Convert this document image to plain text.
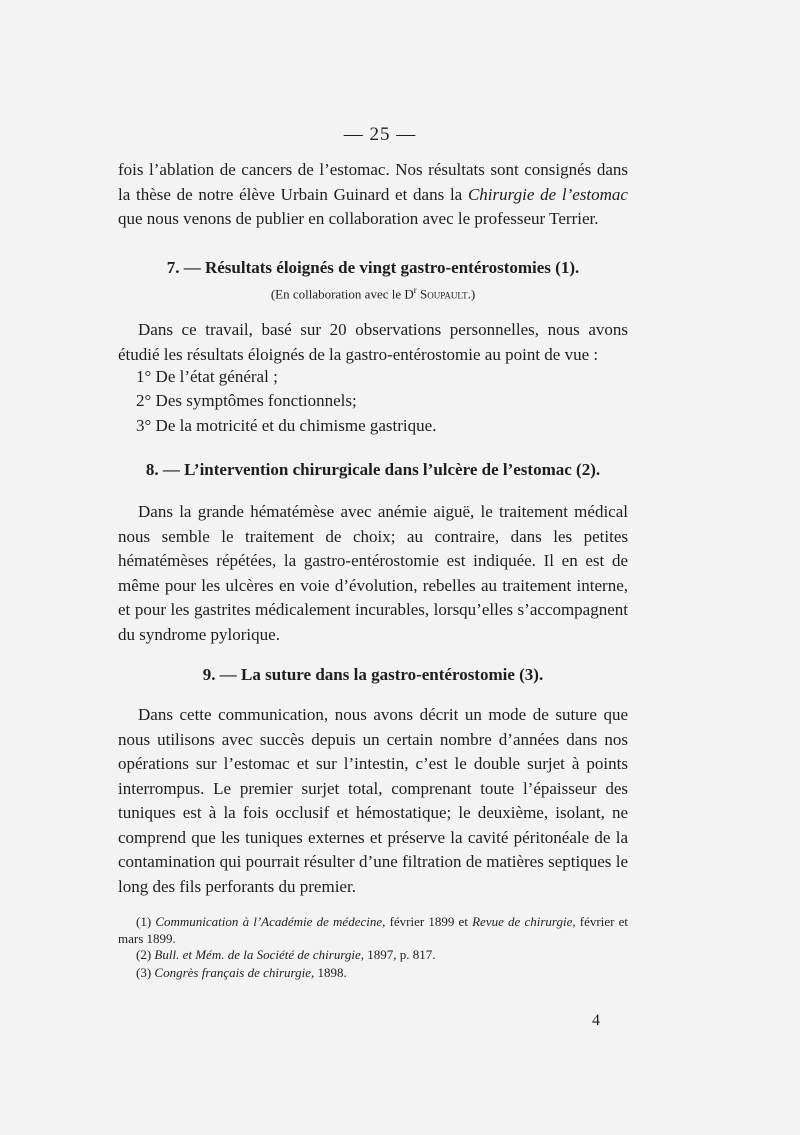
— 25 —
fois l’ablation de cancers de l’estomac. Nos résultats sont consignés dans la thèse de notre élève Urbain Guinard et dans la Chirurgie de l’estomac que nous venons de publier en collaboration avec le professeur Terrier.
7. — Résultats éloignés de vingt gastro-entérostomies (1).
(En collaboration avec le $D^r$ Soupault.)
Dans ce travail, basé sur 20 observations personnelles, nous avons étudié les résultats éloignés de la gastro-entérostomie au point de vue :
1° De l’état général ;
2° Des symptômes fonctionnels;
3° De la motricité et du chimisme gastrique.
8. — L’intervention chirurgicale dans l’ulcère de l’estomac (2).
Dans la grande hématémèse avec anémie aiguë, le traitement médical nous semble le traitement de choix; au contraire, dans les petites hématémèses répétées, la gastro-entérostomie est indiquée. Il en est de même pour les ulcères en voie d’évolution, rebelles au traitement interne, et pour les gastrites médicalement incurables, lorsqu’elles s’accompagnent du syndrome pylorique.
9. — La suture dans la gastro-entérostomie (3).
Dans cette communication, nous avons décrit un mode de suture que nous utilisons avec succès depuis un certain nombre d’années dans nos opérations sur l’estomac et sur l’intestin, c’est le double surjet à points interrompus. Le premier surjet total, comprenant toute l’épaisseur des tuniques est à la fois occlusif et hémostatique; le deuxième, isolant, ne comprend que les tuniques externes et préserve la cavité péritonéale de la contamination qui pourrait résulter d’une filtration de matières septiques le long des fils perforants du premier.
(1) Communication à l’Académie de médecine, février 1899 et Revue de chirurgie, février et mars 1899.
(2) Bull. et Mém. de la Société de chirurgie, 1897, p. 817.
(3) Congrès français de chirurgie, 1898.
4
